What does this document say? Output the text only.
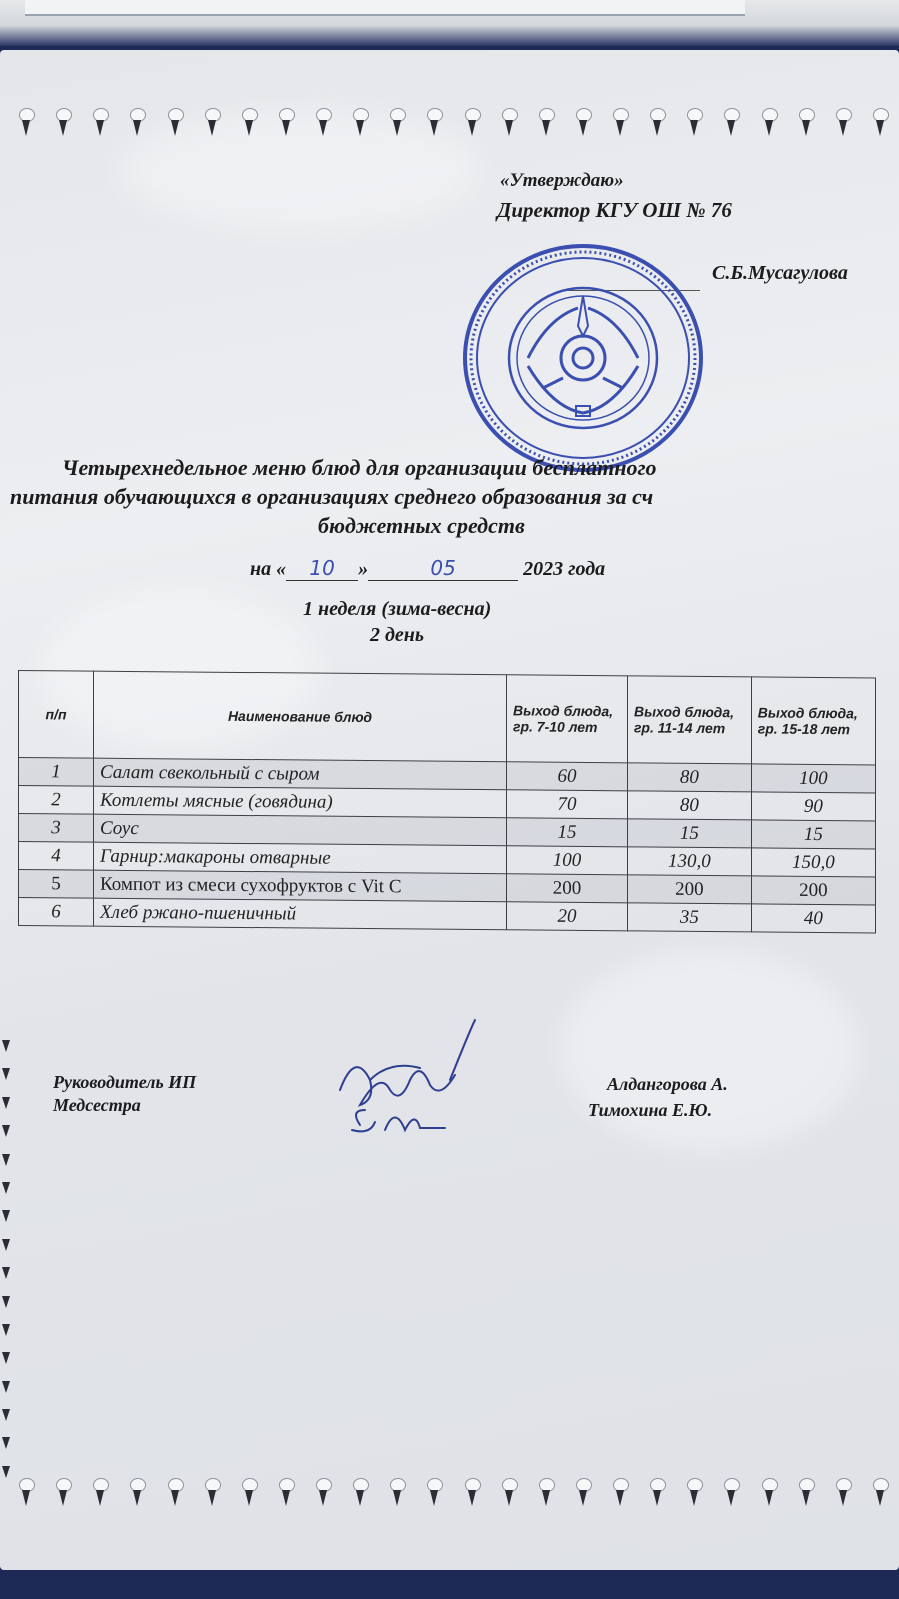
«Утверждаю»
Директор КГУ ОШ № 76
С.Б.Мусагулова
Четырехнедельное меню блюд для организации бесплатного
питания обучающихся в организациях среднего образования за сч
бюджетных средств
на « 10 »	05	2023 года
1 неделя (зима-весна)
2 день
п/п	Наименование блюд	Выход блюда, гр. 7-10 лет	Выход блюда, гр. 11-14 лет	Выход блюда, гр. 15-18 лет
1	Салат свекольный с сыром	60	80	100
2	Котлеты мясные (говядина)	70	80	90
3	Соус	15	15	15
4	Гарнир:макароны отварные	100	130,0	150,0
5	Компот из смеси сухофруктов с Vit C	200	200	200
6	Хлеб ржано-пшеничный	20	35	40
Руководитель ИП
Медсестра
Алдангорова А.
Тимохина Е.Ю.
